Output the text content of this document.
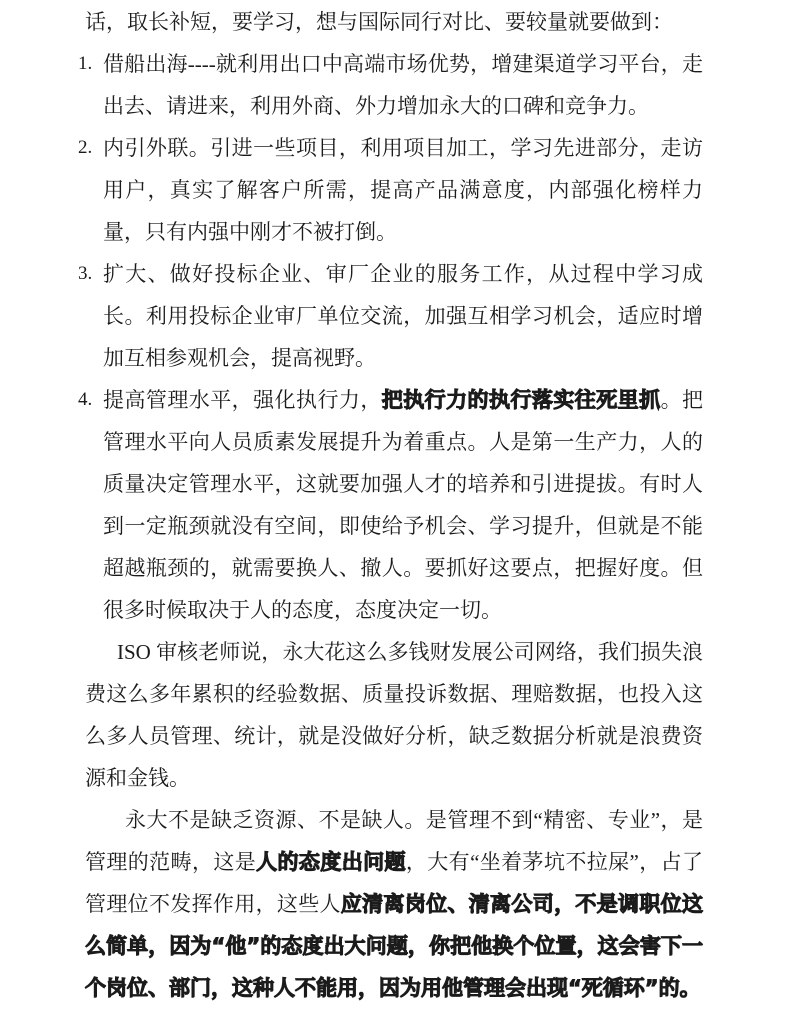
话，取长补短，要学习，想与国际同行对比、要较量就要做到：

1. 借船出海----就利用出口中高端市场优势，增建渠道学习平台，走出去、请进来，利用外商、外力增加永大的口碑和竞争力。
2. 内引外联。引进一些项目，利用项目加工，学习先进部分，走访用户，真实了解客户所需，提高产品满意度，内部强化榜样力量，只有内强中刚才不被打倒。
3. 扩大、做好投标企业、审厂企业的服务工作，从过程中学习成长。利用投标企业审厂单位交流，加强互相学习机会，适应时增加互相参观机会，提高视野。
4. 提高管理水平，强化执行力，把执行力的执行落实往死里抓。把管理水平向人员质素发展提升为着重点。人是第一生产力，人的质量决定管理水平，这就要加强人才的培养和引进提拔。有时人到一定瓶颈就没有空间，即使给予机会、学习提升，但就是不能超越瓶颈的，就需要换人、撤人。要抓好这要点，把握好度。但很多时候取决于人的态度，态度决定一切。

ISO 审核老师说，永大花这么多钱财发展公司网络，我们损失浪费这么多年累积的经验数据、质量投诉数据、理赔数据，也投入这么多人员管理、统计，就是没做好分析，缺乏数据分析就是浪费资源和金钱。

永大不是缺乏资源、不是缺人。是管理不到“精密、专业”，是管理的范畴，这是人的态度出问题，大有“坐着茅坑不拉屎”，占了管理位不发挥作用，这些人应清离岗位、清离公司，不是调职位这么简单，因为“他”的态度出大问题，你把他换个位置，这会害下一个岗位、部门，这种人不能用，因为用他管理会出现“死循环”的。
